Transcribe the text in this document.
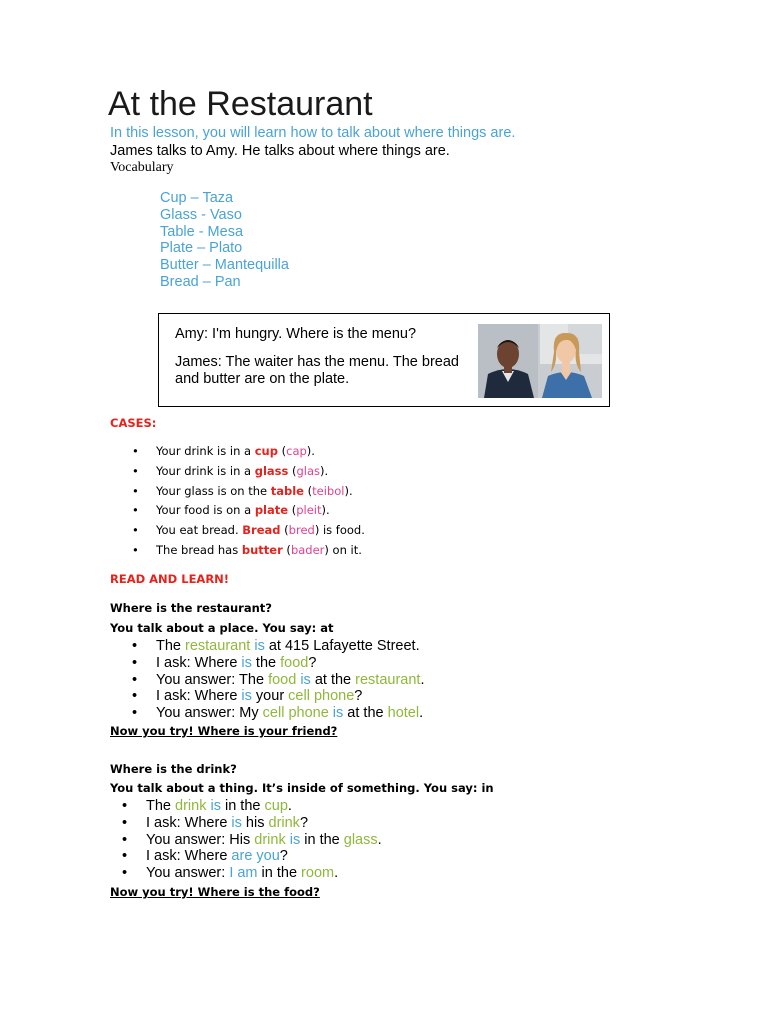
At the Restaurant
In this lesson, you will learn how to talk about where things are.
James talks to Amy. He talks about where things are.
Vocabulary
Cup – Taza
Glass - Vaso
Table - Mesa
Plate – Plato
Butter – Mantequilla
Bread – Pan
Amy: I'm hungry. Where is the menu?
James: The waiter has the menu. The bread and butter are on the plate.
CASES:
• Your drink is in a cup (cap).
• Your drink is in a glass (glas).
• Your glass is on the table (teibol).
• Your food is on a plate (pleit).
• You eat bread. Bread (bred) is food.
• The bread has butter (bader) on it.
READ AND LEARN!
Where is the restaurant?
You talk about a place. You say: at
• The restaurant is at 415 Lafayette Street.
• I ask: Where is the food?
• You answer: The food is at the restaurant.
• I ask: Where is your cell phone?
• You answer: My cell phone is at the hotel.
Now you try! Where is your friend?
Where is the drink?
You talk about a thing. It’s inside of something. You say: in
• The drink is in the cup.
• I ask: Where is his drink?
• You answer: His drink is in the glass.
• I ask: Where are you?
• You answer: I am in the room.
Now you try! Where is the food?
